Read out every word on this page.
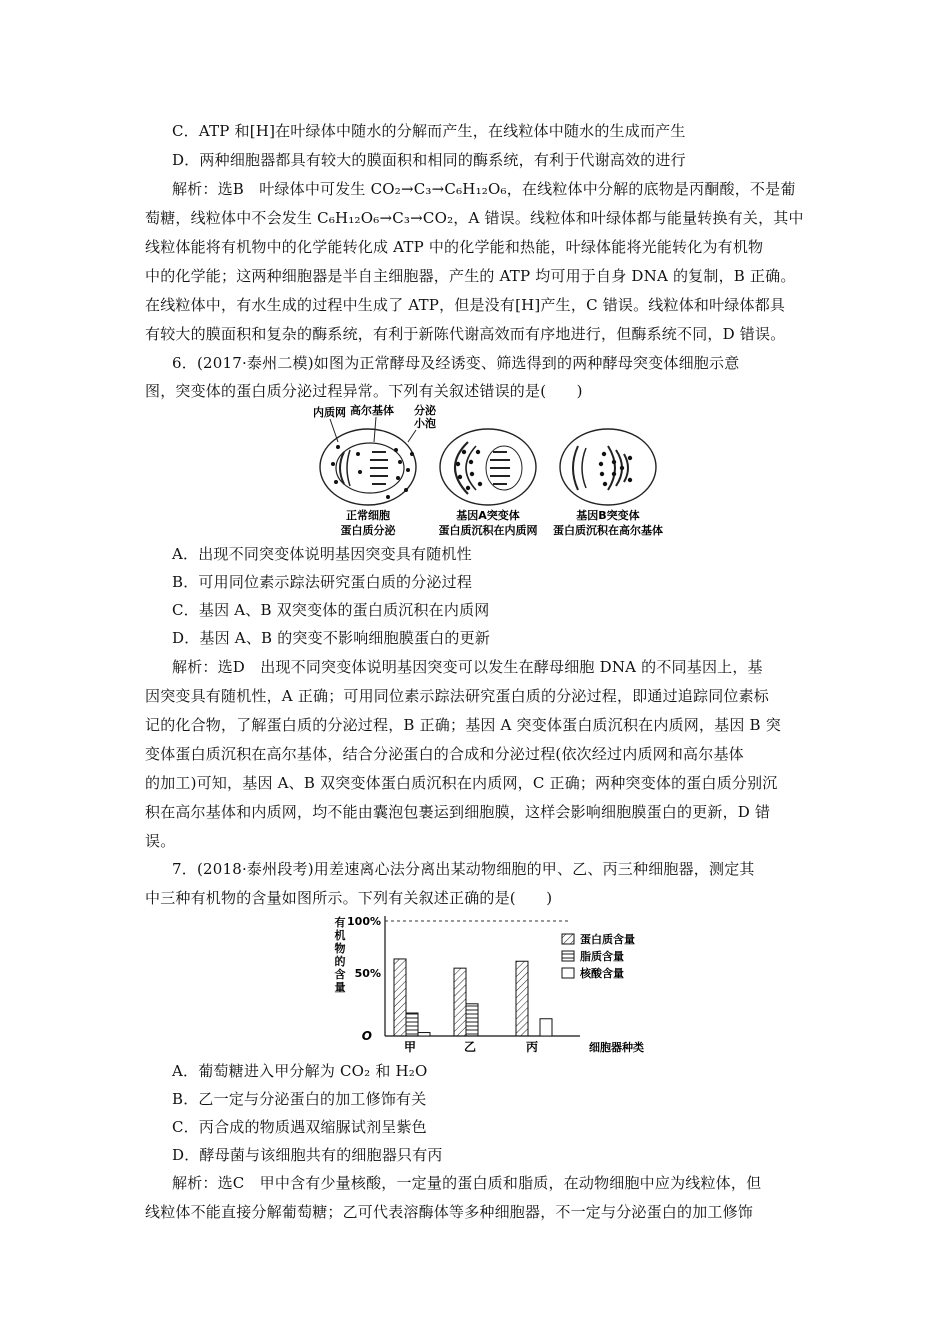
C．ATP 和[H]在叶绿体中随水的分解而产生，在线粒体中随水的生成而产生
D．两种细胞器都具有较大的膜面积和相同的酶系统，有利于代谢高效的进行
解析：选B　叶绿体中可发生 CO₂→C₃→C₆H₁₂O₆，在线粒体中分解的底物是丙酮酸，不是葡
萄糖，线粒体中不会发生 C₆H₁₂O₆→C₃→CO₂，A 错误。线粒体和叶绿体都与能量转换有关，其中
线粒体能将有机物中的化学能转化成 ATP 中的化学能和热能，叶绿体能将光能转化为有机物
中的化学能；这两种细胞器是半自主细胞器，产生的 ATP 均可用于自身 DNA 的复制，B 正确。
在线粒体中，有水生成的过程中生成了 ATP，但是没有[H]产生，C 错误。线粒体和叶绿体都具
有较大的膜面积和复杂的酶系统，有利于新陈代谢高效而有序地进行，但酶系统不同，D 错误。
6．(2017·泰州二模)如图为正常酵母及经诱变、筛选得到的两种酵母突变体细胞示意
图，突变体的蛋白质分泌过程异常。下列有关叙述错误的是(　　)
内质网 高尔基体 分泌
小泡
正常细胞
蛋白质分泌
基因A突变体
蛋白质沉积在内质网
基因B突变体
蛋白质沉积在高尔基体
A．出现不同突变体说明基因突变具有随机性
B．可用同位素示踪法研究蛋白质的分泌过程
C．基因 A、B 双突变体的蛋白质沉积在内质网
D．基因 A、B 的突变不影响细胞膜蛋白的更新
解析：选D　出现不同突变体说明基因突变可以发生在酵母细胞 DNA 的不同基因上，基
因突变具有随机性，A 正确；可用同位素示踪法研究蛋白质的分泌过程，即通过追踪同位素标
记的化合物，了解蛋白质的分泌过程，B 正确；基因 A 突变体蛋白质沉积在内质网，基因 B 突
变体蛋白质沉积在高尔基体，结合分泌蛋白的合成和分泌过程(依次经过内质网和高尔基体
的加工)可知，基因 A、B 双突变体蛋白质沉积在内质网，C 正确；两种突变体的蛋白质分别沉
积在高尔基体和内质网，均不能由囊泡包裹运到细胞膜，这样会影响细胞膜蛋白的更新，D 错
误。
7．(2018·泰州段考)用差速离心法分离出某动物细胞的甲、乙、丙三种细胞器，测定其
中三种有机物的含量如图所示。下列有关叙述正确的是(　　)
有
机
物
的
含
量
100%
50%
O
甲	乙	丙	细胞器种类
蛋白质含量
脂质含量
核酸含量
A．葡萄糖进入甲分解为 CO₂ 和 H₂O
B．乙一定与分泌蛋白的加工修饰有关
C．丙合成的物质遇双缩脲试剂呈紫色
D．酵母菌与该细胞共有的细胞器只有丙
解析：选C　甲中含有少量核酸，一定量的蛋白质和脂质，在动物细胞中应为线粒体，但
线粒体不能直接分解葡萄糖；乙可代表溶酶体等多种细胞器，不一定与分泌蛋白的加工修饰
